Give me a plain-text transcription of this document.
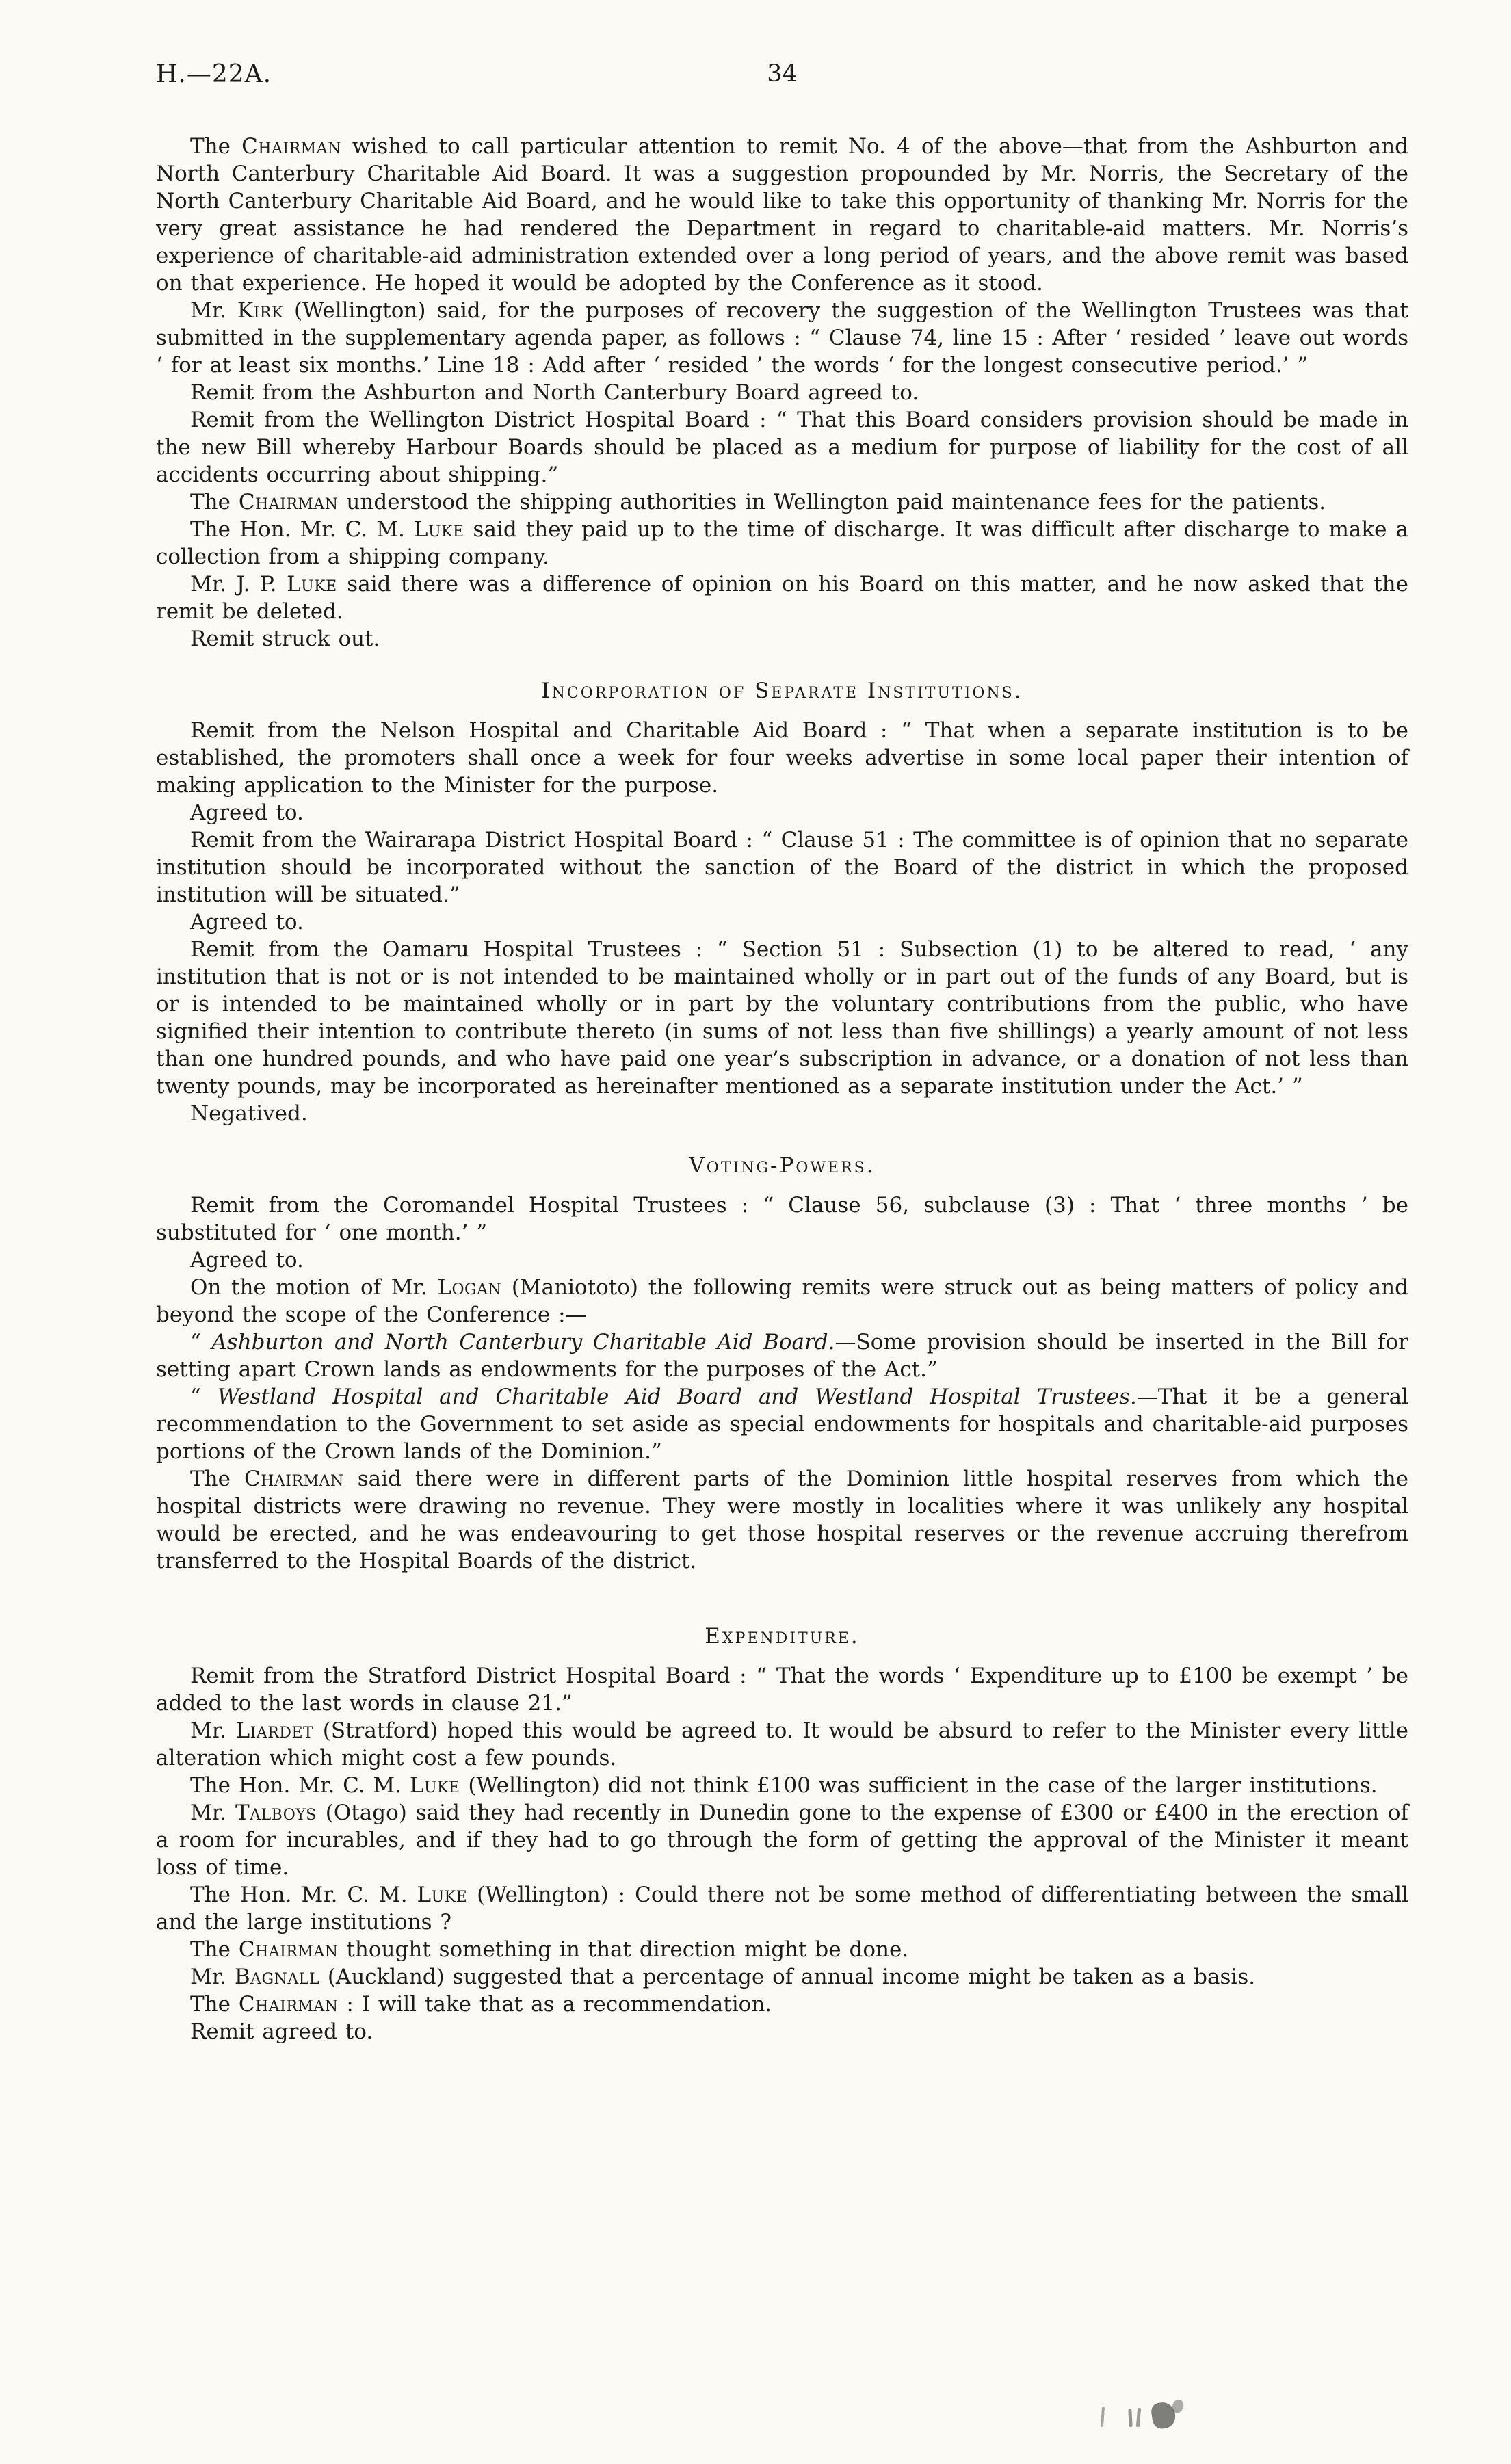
H.—22A.	34

The Chairman wished to call particular attention to remit No. 4 of the above—that from the Ashburton and North Canterbury Charitable Aid Board. It was a suggestion propounded by Mr. Norris, the Secretary of the North Canterbury Charitable Aid Board, and he would like to take this opportunity of thanking Mr. Norris for the very great assistance he had rendered the Department in regard to charitable-aid matters. Mr. Norris’s experience of charitable-aid administration extended over a long period of years, and the above remit was based on that experience. He hoped it would be adopted by the Conference as it stood.

Mr. Kirk (Wellington) said, for the purposes of recovery the suggestion of the Wellington Trustees was that submitted in the supplementary agenda paper, as follows : “ Clause 74, line 15 : After ‘ resided ’ leave out words ‘ for at least six months.’ Line 18 : Add after ‘ resided ’ the words ‘ for the longest consecutive period.’ ”

Remit from the Ashburton and North Canterbury Board agreed to.

Remit from the Wellington District Hospital Board : “ That this Board considers provision should be made in the new Bill whereby Harbour Boards should be placed as a medium for purpose of liability for the cost of all accidents occurring about shipping.”

The Chairman understood the shipping authorities in Wellington paid maintenance fees for the patients.

The Hon. Mr. C. M. Luke said they paid up to the time of discharge. It was difficult after discharge to make a collection from a shipping company.

Mr. J. P. Luke said there was a difference of opinion on his Board on this matter, and he now asked that the remit be deleted.

Remit struck out.

Incorporation of Separate Institutions.

Remit from the Nelson Hospital and Charitable Aid Board : “ That when a separate institution is to be established, the promoters shall once a week for four weeks advertise in some local paper their intention of making application to the Minister for the purpose.

Agreed to.

Remit from the Wairarapa District Hospital Board : “ Clause 51 : The committee is of opinion that no separate institution should be incorporated without the sanction of the Board of the district in which the proposed institution will be situated.”

Agreed to.

Remit from the Oamaru Hospital Trustees : “ Section 51 : Subsection (1) to be altered to read, ‘ any institution that is not or is not intended to be maintained wholly or in part out of the funds of any Board, but is or is intended to be maintained wholly or in part by the voluntary contributions from the public, who have signified their intention to contribute thereto (in sums of not less than five shillings) a yearly amount of not less than one hundred pounds, and who have paid one year’s subscription in advance, or a donation of not less than twenty pounds, may be incorporated as hereinafter mentioned as a separate institution under the Act.’ ”

Negatived.

Voting-Powers.

Remit from the Coromandel Hospital Trustees : “ Clause 56, subclause (3) : That ‘ three months ’ be substituted for ‘ one month.’ ”

Agreed to.

On the motion of Mr. Logan (Maniototo) the following remits were struck out as being matters of policy and beyond the scope of the Conference :—

“ Ashburton and North Canterbury Charitable Aid Board.—Some provision should be inserted in the Bill for setting apart Crown lands as endowments for the purposes of the Act.”

“ Westland Hospital and Charitable Aid Board and Westland Hospital Trustees.—That it be a general recommendation to the Government to set aside as special endowments for hospitals and charitable-aid purposes portions of the Crown lands of the Dominion.”

The Chairman said there were in different parts of the Dominion little hospital reserves from which the hospital districts were drawing no revenue. They were mostly in localities where it was unlikely any hospital would be erected, and he was endeavouring to get those hospital reserves or the revenue accruing therefrom transferred to the Hospital Boards of the district.

Expenditure.

Remit from the Stratford District Hospital Board : “ That the words ‘ Expenditure up to £100 be exempt ’ be added to the last words in clause 21.”

Mr. Liardet (Stratford) hoped this would be agreed to. It would be absurd to refer to the Minister every little alteration which might cost a few pounds.

The Hon. Mr. C. M. Luke (Wellington) did not think £100 was sufficient in the case of the larger institutions.

Mr. Talboys (Otago) said they had recently in Dunedin gone to the expense of £300 or £400 in the erection of a room for incurables, and if they had to go through the form of getting the approval of the Minister it meant loss of time.

The Hon. Mr. C. M. Luke (Wellington) : Could there not be some method of differentiating between the small and the large institutions ?

The Chairman thought something in that direction might be done.

Mr. Bagnall (Auckland) suggested that a percentage of annual income might be taken as a basis.

The Chairman : I will take that as a recommendation.

Remit agreed to.
